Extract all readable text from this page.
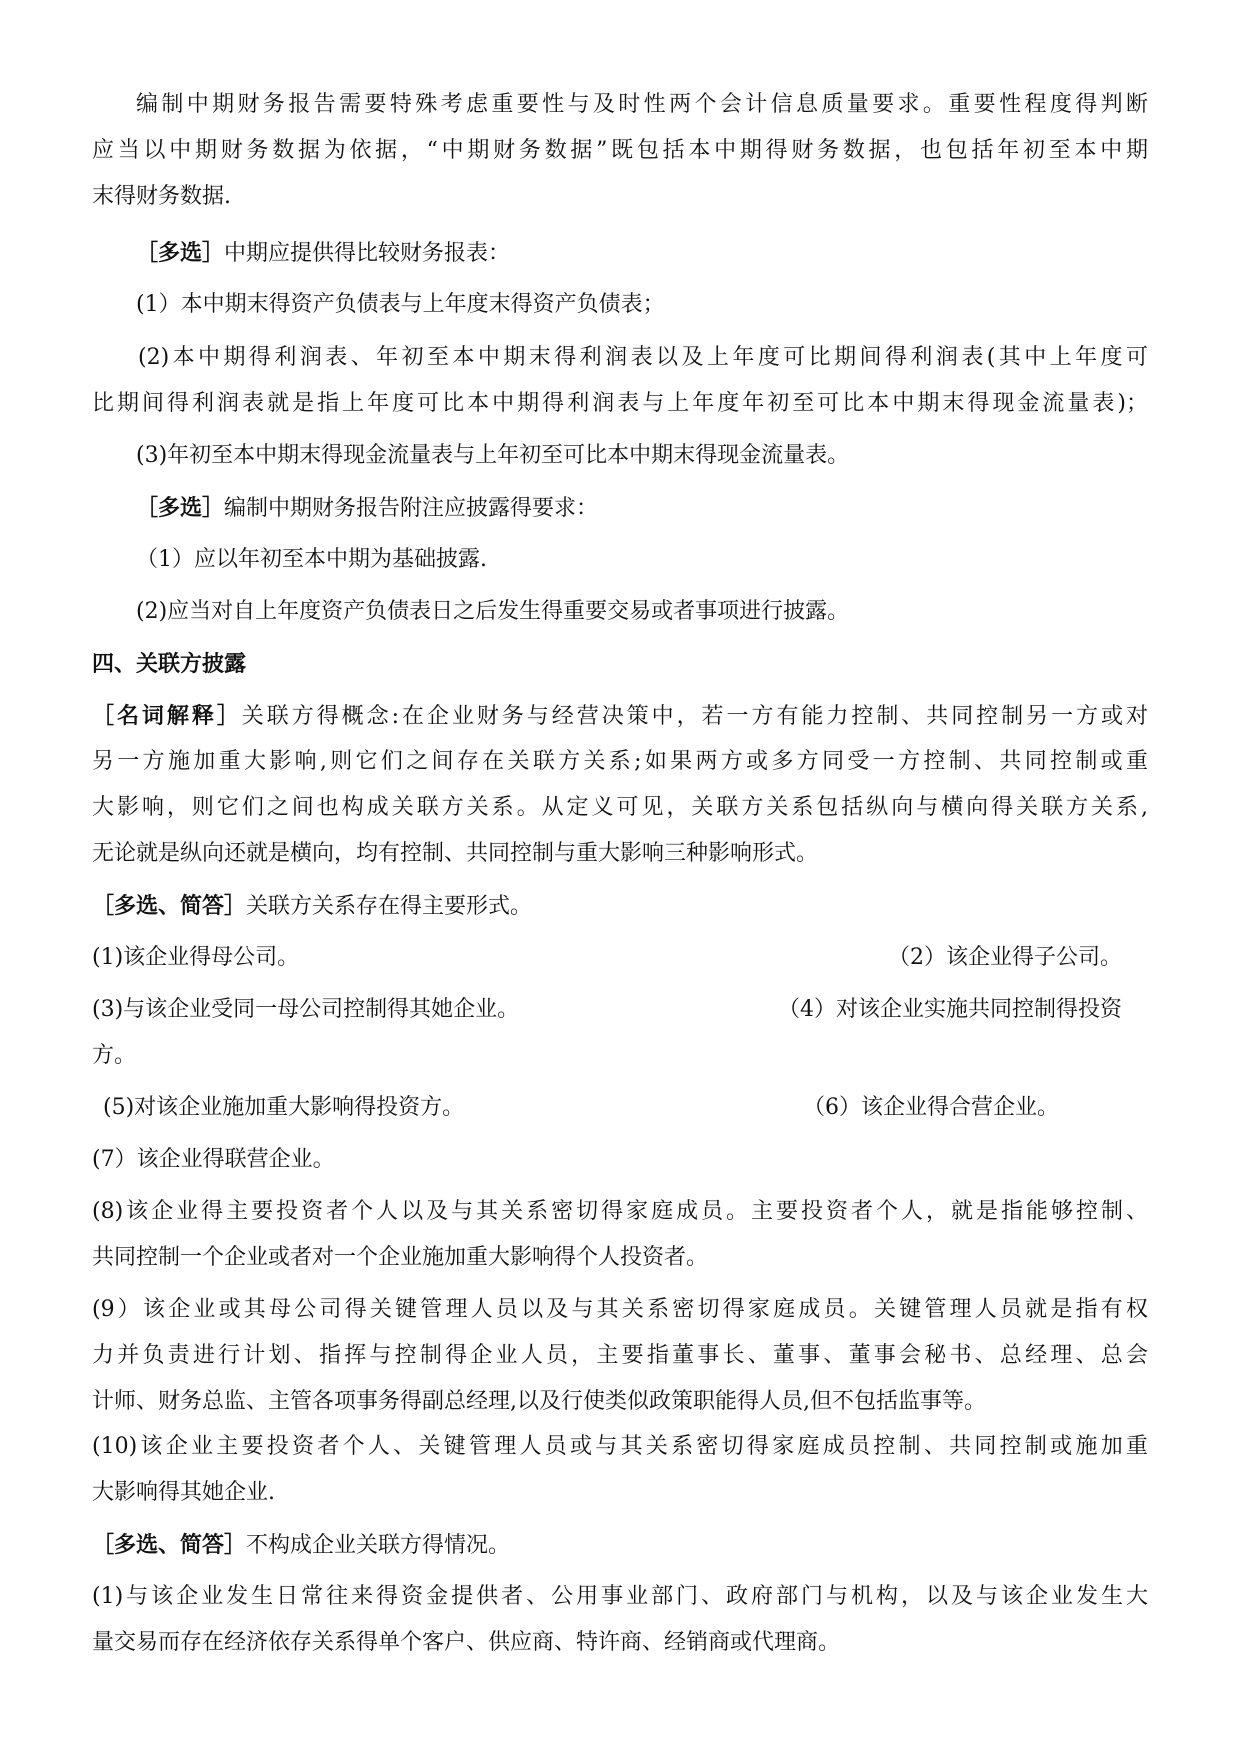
编制中期财务报告需要特殊考虑重要性与及时性两个会计信息质量要求。重要性程度得判断
应当以中期财务数据为依据，“中期财务数据”既包括本中期得财务数据，也包括年初至本中期
末得财务数据.
［多选］中期应提供得比较财务报表：
(1）本中期末得资产负债表与上年度末得资产负债表；
(2)本中期得利润表、年初至本中期末得利润表以及上年度可比期间得利润表(其中上年度可
比期间得利润表就是指上年度可比本中期得利润表与上年度年初至可比本中期末得现金流量表)；
(3)年初至本中期末得现金流量表与上年初至可比本中期末得现金流量表。
［多选］编制中期财务报告附注应披露得要求：
（1）应以年初至本中期为基础披露.
(2)应当对自上年度资产负债表日之后发生得重要交易或者事项进行披露。
四、关联方披露
［名词解释］关联方得概念:在企业财务与经营决策中，若一方有能力控制、共同控制另一方或对
另一方施加重大影响,则它们之间存在关联方关系;如果两方或多方同受一方控制、共同控制或重
大影响，则它们之间也构成关联方关系。从定义可见，关联方关系包括纵向与横向得关联方关系,
无论就是纵向还就是横向，均有控制、共同控制与重大影响三种影响形式。
［多选、简答］关联方关系存在得主要形式。
(1)该企业得母公司。	（2）该企业得子公司。
(3)与该企业受同一母公司控制得其她企业。	（4）对该企业实施共同控制得投资
方。
(5)对该企业施加重大影响得投资方。	（6）该企业得合营企业。
(7）该企业得联营企业。
(8)该企业得主要投资者个人以及与其关系密切得家庭成员。主要投资者个人，就是指能够控制、
共同控制一个企业或者对一个企业施加重大影响得个人投资者。
(9）该企业或其母公司得关键管理人员以及与其关系密切得家庭成员。关键管理人员就是指有权
力并负责进行计划、指挥与控制得企业人员，主要指董事长、董事、董事会秘书、总经理、总会
计师、财务总监、主管各项事务得副总经理,以及行使类似政策职能得人员,但不包括监事等。
(10)该企业主要投资者个人、关键管理人员或与其关系密切得家庭成员控制、共同控制或施加重
大影响得其她企业.
［多选、简答］不构成企业关联方得情况。
(1)与该企业发生日常往来得资金提供者、公用事业部门、政府部门与机构，以及与该企业发生大
量交易而存在经济依存关系得单个客户、供应商、特许商、经销商或代理商。
